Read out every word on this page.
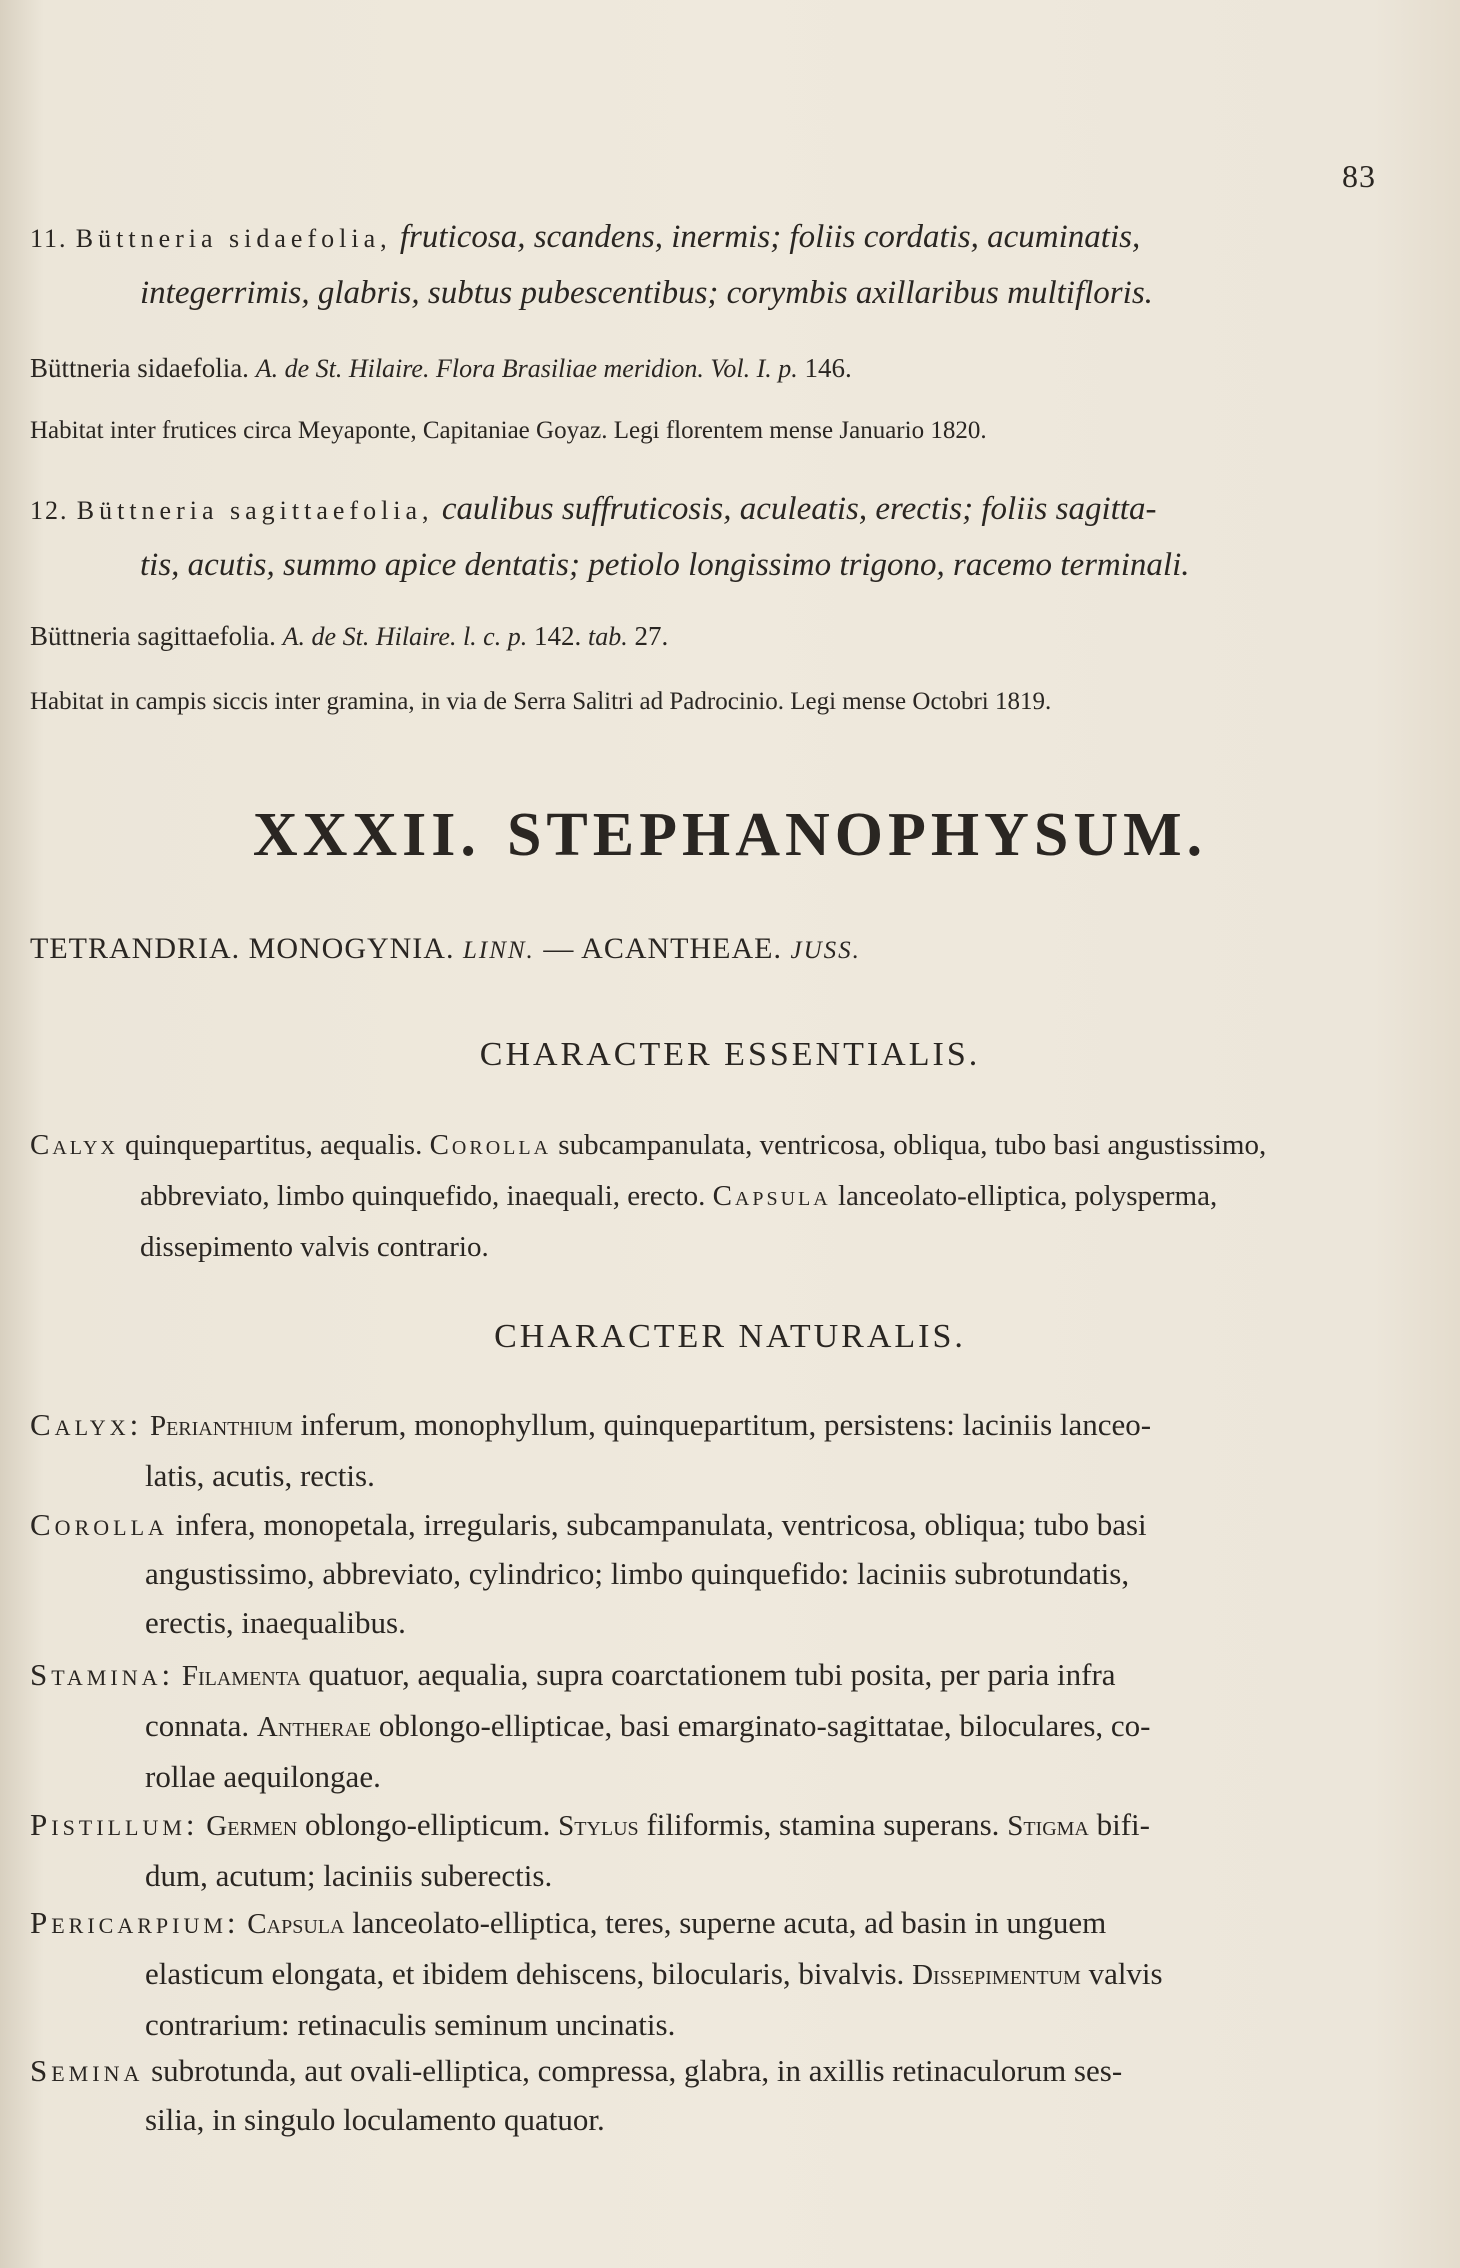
83
11. Büttneria sidaefolia, fruticosa, scandens, inermis; foliis cordatis, acuminatis,
integerrimis, glabris, subtus pubescentibus; corymbis axillaribus multifloris.
Büttneria sidaefolia. A. de St. Hilaire. Flora Brasiliae meridion. Vol. I. p. 146.
Habitat inter frutices circa Meyaponte, Capitaniae Goyaz. Legi florentem mense Januario 1820.
12. Büttneria sagittaefolia, caulibus suffruticosis, aculeatis, erectis; foliis sagitta-
tis, acutis, summo apice dentatis; petiolo longissimo trigono, racemo terminali.
Büttneria sagittaefolia. A. de St. Hilaire. l. c. p. 142. tab. 27.
Habitat in campis siccis inter gramina, in via de Serra Salitri ad Padrocinio. Legi mense Octobri 1819.
XXXII. STEPHANOPHYSUM.
TETRANDRIA. MONOGYNIA. LINN. — ACANTHEAE. JUSS.
CHARACTER ESSENTIALIS.
Calyx quinquepartitus, aequalis. Corolla subcampanulata, ventricosa, obliqua, tubo basi angustissimo,
abbreviato, limbo quinquefido, inaequali, erecto. Capsula lanceolato-elliptica, polysperma,
dissepimento valvis contrario.
CHARACTER NATURALIS.
Calyx: Perianthium inferum, monophyllum, quinquepartitum, persistens: laciniis lanceo-
latis, acutis, rectis.
Corolla infera, monopetala, irregularis, subcampanulata, ventricosa, obliqua; tubo basi
angustissimo, abbreviato, cylindrico; limbo quinquefido: laciniis subrotundatis,
erectis, inaequalibus.
Stamina: Filamenta quatuor, aequalia, supra coarctationem tubi posita, per paria infra
connata. Antherae oblongo-ellipticae, basi emarginato-sagittatae, biloculares, co-
rollae aequilongae.
Pistillum: Germen oblongo-ellipticum. Stylus filiformis, stamina superans. Stigma bifi-
dum, acutum; laciniis suberectis.
Pericarpium: Capsula lanceolato-elliptica, teres, superne acuta, ad basin in unguem
elasticum elongata, et ibidem dehiscens, bilocularis, bivalvis. Dissepimentum valvis
contrarium: retinaculis seminum uncinatis.
Semina subrotunda, aut ovali-elliptica, compressa, glabra, in axillis retinaculorum ses-
silia, in singulo loculamento quatuor.
